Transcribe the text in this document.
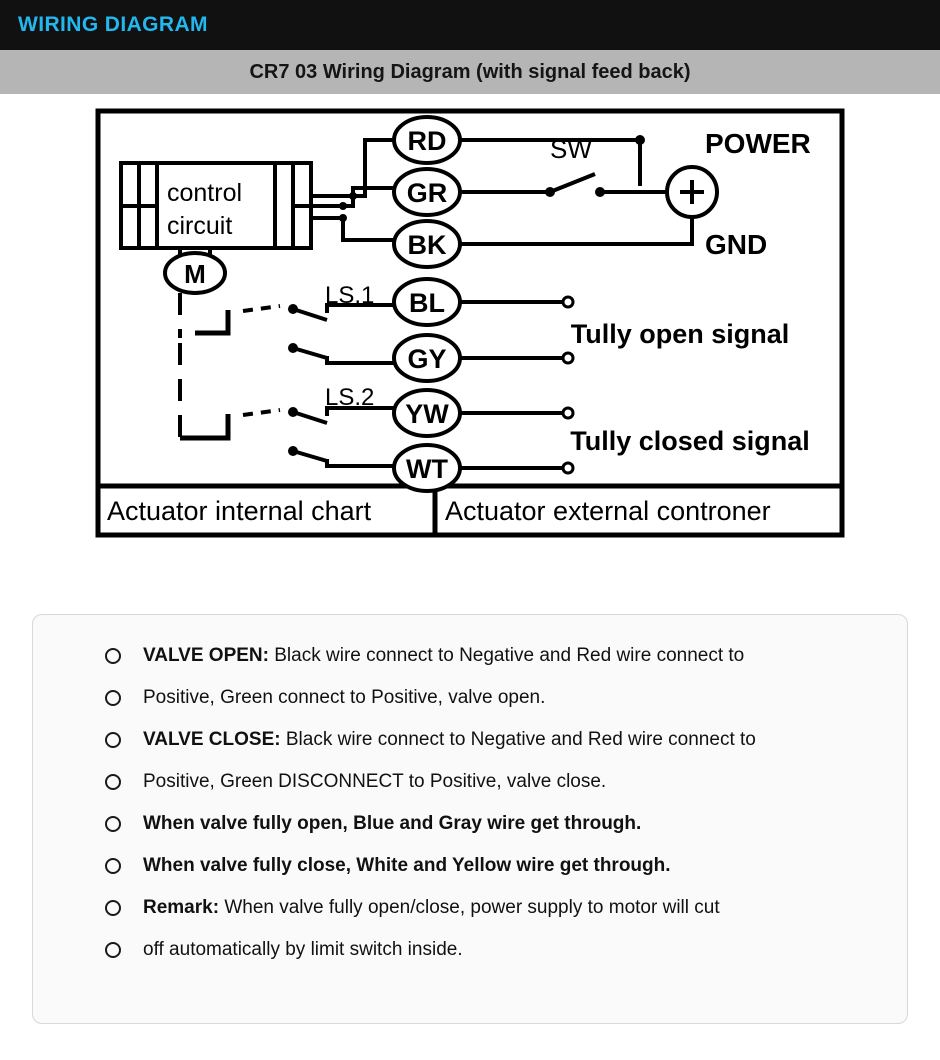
WIRING DIAGRAM
CR7 03 Wiring Diagram (with signal feed back)
control
circuit
M
LS.1
LS.2
RD
GR
BK
BL
GY
YW
WT
SW	POWER
GND
Tully open signal
Tully closed signal
Actuator internal chart	Actuator external controner
VALVE OPEN: Black wire connect to Negative and Red wire connect to
Positive, Green connect to Positive, valve open.
VALVE CLOSE: Black wire connect to Negative and Red wire connect to
Positive, Green DISCONNECT to Positive, valve close.
When valve fully open, Blue and Gray wire get through.
When valve fully close, White and Yellow wire get through.
Remark: When valve fully open/close, power supply to motor will cut
off automatically by limit switch inside.
